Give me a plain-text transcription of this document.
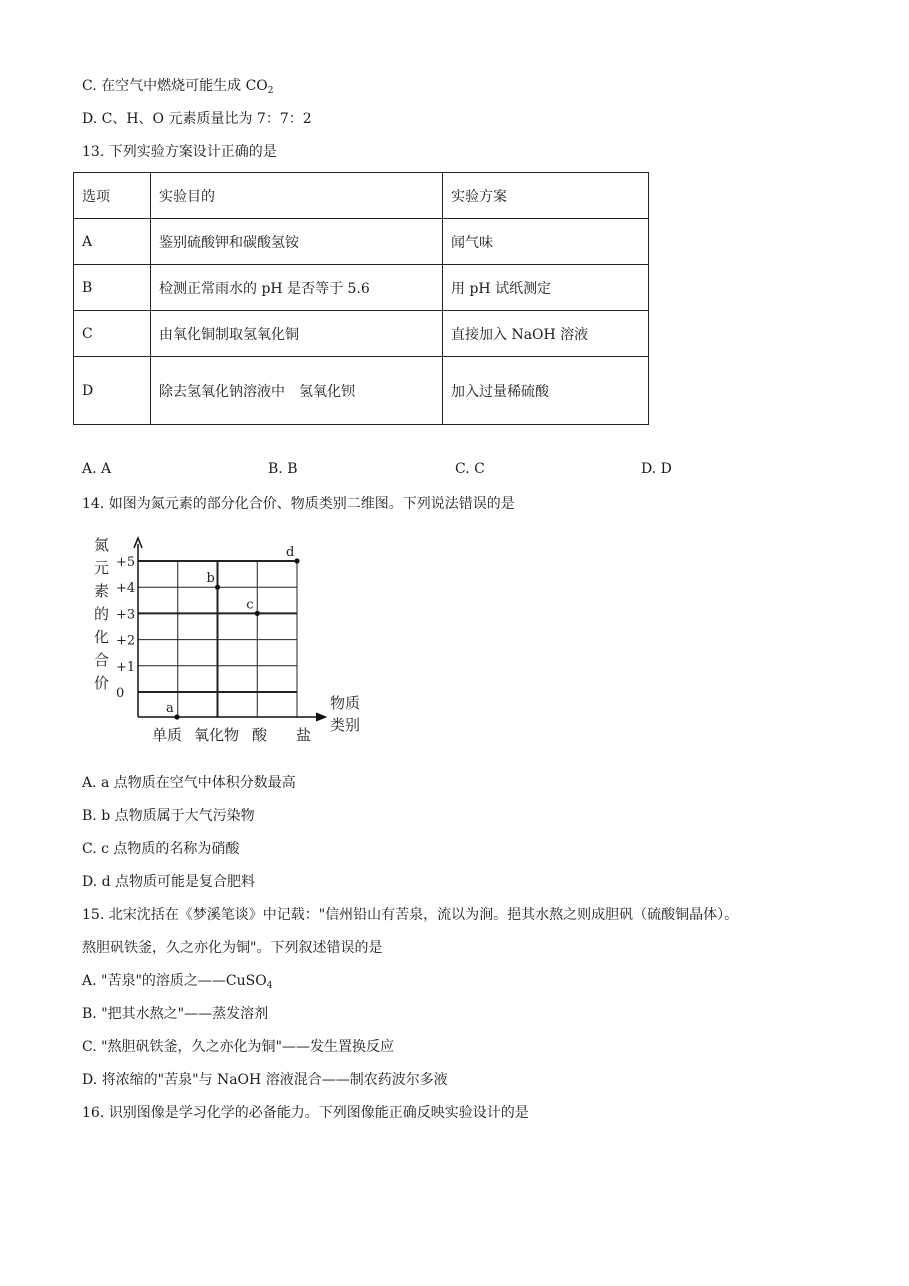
C. 在空气中燃烧可能生成 $CO_2$
D. C、H、O 元素质量比为 7：7：2
13. 下列实验方案设计正确的是
选项	实验目的	实验方案
A	鉴别硫酸钾和碳酸氢铵	闻气味
B	检测正常雨水的 pH 是否等于 5.6	用 pH 试纸测定
C	由氧化铜制取氢氧化铜	直接加入 NaOH 溶液
D	除去氢氧化钠溶液中　氢氧化钡	加入过量稀硫酸
A. A	B. B	C. C	D. D
14. 如图为氮元素的部分化合价、物质类别二维图。下列说法错误的是
+5
+4
+3
+2
+1
0
氮
元
素
的
化
合
价
物质
类别
单质 氧化物 酸 盐
a
b
c
d
A. a 点物质在空气中体积分数最高
B. b 点物质属于大气污染物
C. c 点物质的名称为硝酸
D. d 点物质可能是复合肥料
15. 北宋沈括在《梦溪笔谈》中记载："信州铅山有苦泉，流以为涧。挹其水熬之则成胆矾（硫酸铜晶体）。
熬胆矾铁釜，久之亦化为铜"。下列叙述错误的是
A. "苦泉"的溶质之——CuSO$_4$
B. "把其水熬之"——蒸发溶剂
C. "熬胆矾铁釜，久之亦化为铜"——发生置换反应
D. 将浓缩的"苦泉"与 NaOH 溶液混合——制农药波尔多液
16. 识别图像是学习化学的必备能力。下列图像能正确反映实验设计的是
